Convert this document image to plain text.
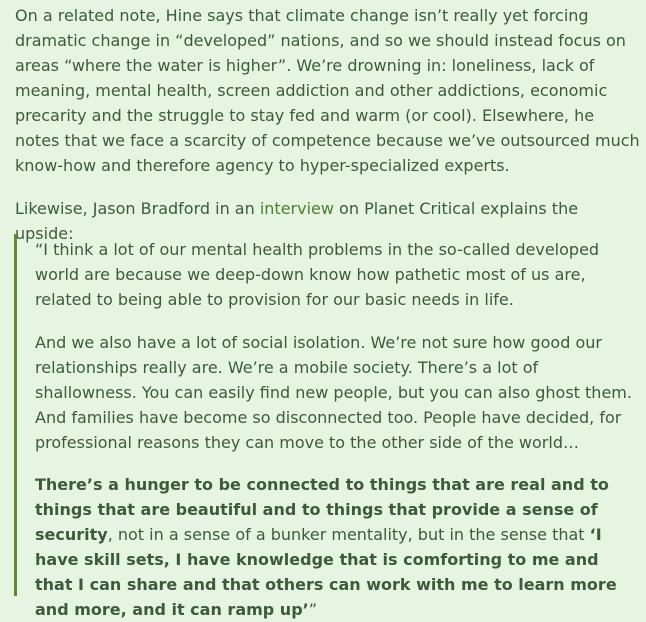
On a related note, Hine says that climate change isn’t really yet forcing dramatic change in “developed” nations, and so we should instead focus on areas “where the water is higher”. We’re drowning in: loneliness, lack of meaning, mental health, screen addiction and other addictions, economic precarity and the struggle to stay fed and warm (or cool). Elsewhere, he notes that we face a scarcity of competence because we’ve outsourced much know-how and therefore agency to hyper-specialized experts.

Likewise, Jason Bradford in an interview on Planet Critical explains the upside:

“I think a lot of our mental health problems in the so-called developed world are because we deep-down know how pathetic most of us are, related to being able to provision for our basic needs in life.

And we also have a lot of social isolation. We’re not sure how good our relationships really are. We’re a mobile society. There’s a lot of shallowness. You can easily find new people, but you can also ghost them. And families have become so disconnected too. People have decided, for professional reasons they can move to the other side of the world…

There’s a hunger to be connected to things that are real and to things that are beautiful and to things that provide a sense of security, not in a sense of a bunker mentality, but in the sense that ‘I have skill sets, I have knowledge that is comforting to me and that I can share and that others can work with me to learn more and more, and it can ramp up’”
